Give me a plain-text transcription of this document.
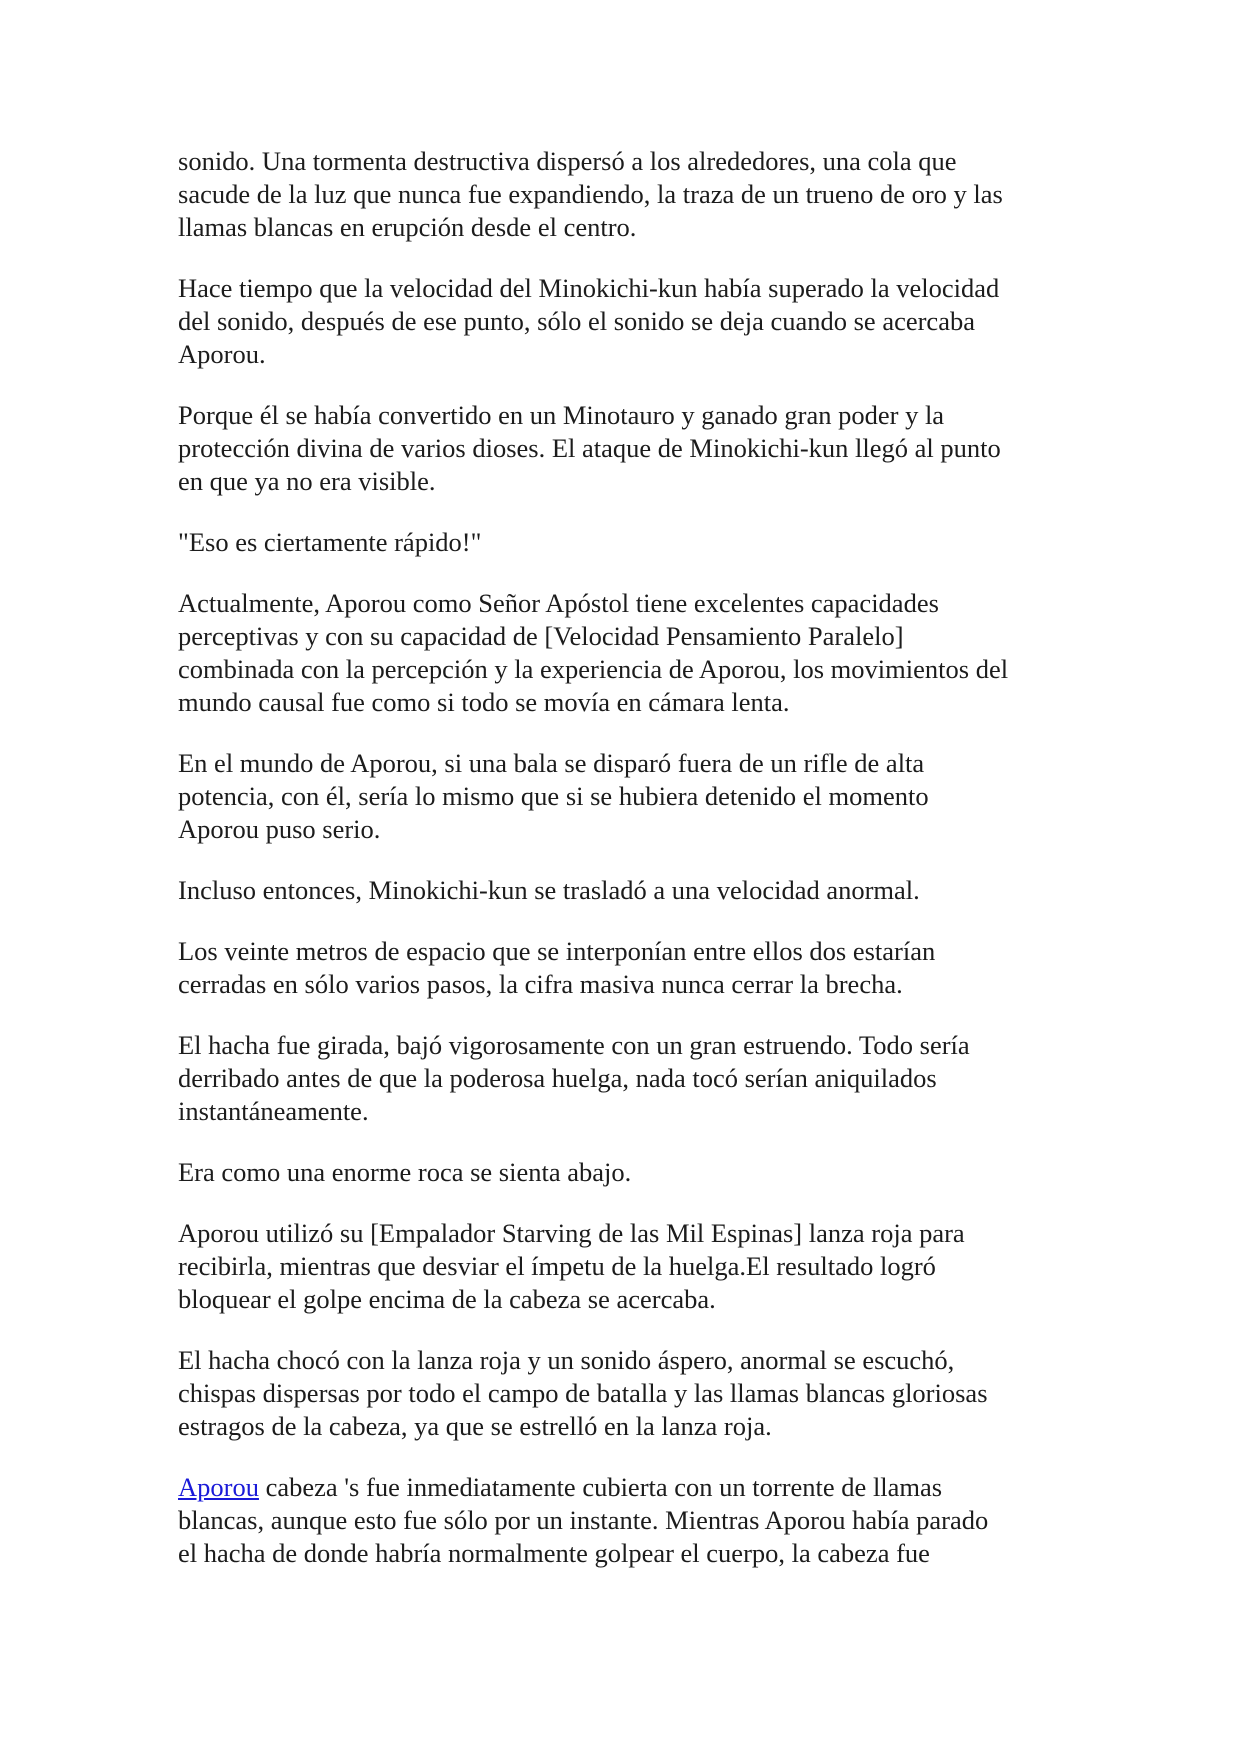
sonido. Una tormenta destructiva dispersó a los alrededores, una cola que
sacude de la luz que nunca fue expandiendo, la traza de un trueno de oro y las
llamas blancas en erupción desde el centro.

Hace tiempo que la velocidad del Minokichi-kun había superado la velocidad
del sonido, después de ese punto, sólo el sonido se deja cuando se acercaba
Aporou.

Porque él se había convertido en un Minotauro y ganado gran poder y la
protección divina de varios dioses. El ataque de Minokichi-kun llegó al punto
en que ya no era visible.

"Eso es ciertamente rápido!"

Actualmente, Aporou como Señor Apóstol tiene excelentes capacidades
perceptivas y con su capacidad de [Velocidad Pensamiento Paralelo]
combinada con la percepción y la experiencia de Aporou, los movimientos del
mundo causal fue como si todo se movía en cámara lenta.

En el mundo de Aporou, si una bala se disparó fuera de un rifle de alta
potencia, con él, sería lo mismo que si se hubiera detenido el momento
Aporou puso serio.

Incluso entonces, Minokichi-kun se trasladó a una velocidad anormal.

Los veinte metros de espacio que se interponían entre ellos dos estarían
cerradas en sólo varios pasos, la cifra masiva nunca cerrar la brecha.

El hacha fue girada, bajó vigorosamente con un gran estruendo. Todo sería
derribado antes de que la poderosa huelga, nada tocó serían aniquilados
instantáneamente.

Era como una enorme roca se sienta abajo.

Aporou utilizó su [Empalador Starving de las Mil Espinas] lanza roja para
recibirla, mientras que desviar el ímpetu de la huelga.El resultado logró
bloquear el golpe encima de la cabeza se acercaba.

El hacha chocó con la lanza roja y un sonido áspero, anormal se escuchó,
chispas dispersas por todo el campo de batalla y las llamas blancas gloriosas
estragos de la cabeza, ya que se estrelló en la lanza roja.

Aporou cabeza 's fue inmediatamente cubierta con un torrente de llamas
blancas, aunque esto fue sólo por un instante. Mientras Aporou había parado
el hacha de donde habría normalmente golpear el cuerpo, la cabeza fue
